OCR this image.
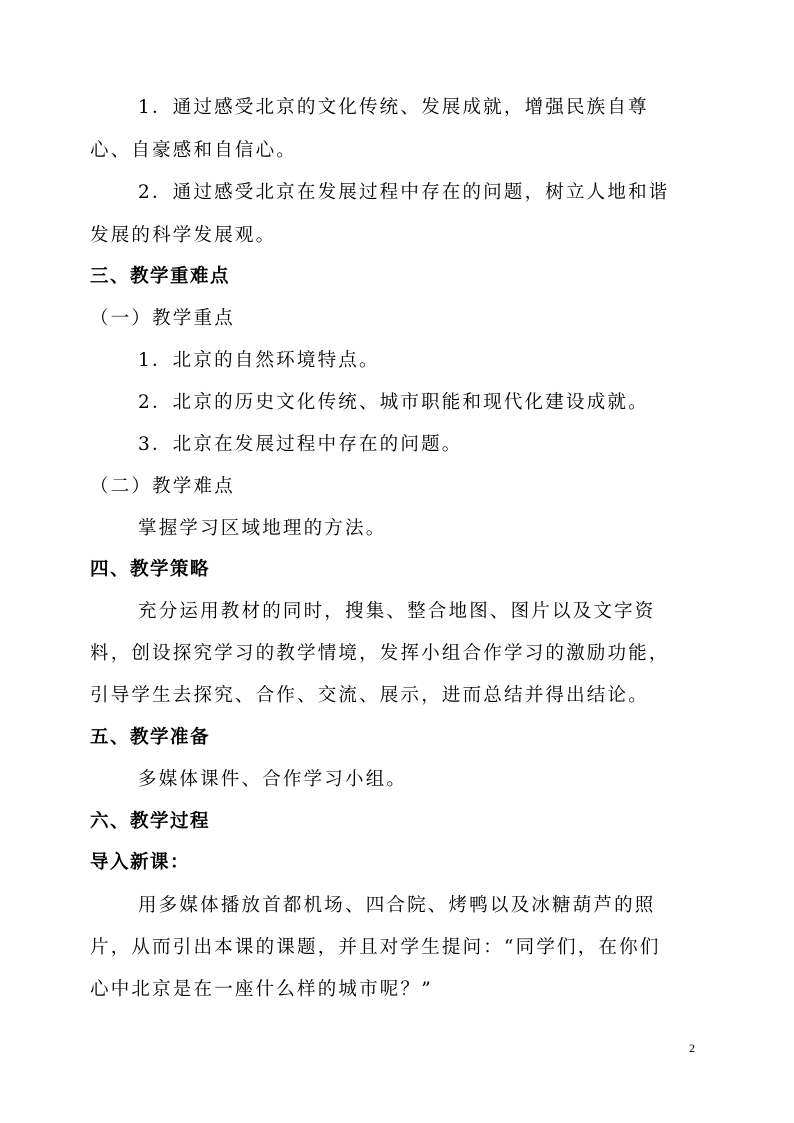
1．通过感受北京的文化传统、发展成就，增强民族自尊
心、自豪感和自信心。
2．通过感受北京在发展过程中存在的问题，树立人地和谐
发展的科学发展观。
三、教学重难点
（一）教学重点
1．北京的自然环境特点。
2．北京的历史文化传统、城市职能和现代化建设成就。
3．北京在发展过程中存在的问题。
（二）教学难点
掌握学习区域地理的方法。
四、教学策略
充分运用教材的同时，搜集、整合地图、图片以及文字资
料，创设探究学习的教学情境，发挥小组合作学习的激励功能，
引导学生去探究、合作、交流、展示，进而总结并得出结论。
五、教学准备
多媒体课件、合作学习小组。
六、教学过程
导入新课：
用多媒体播放首都机场、四合院、烤鸭以及冰糖葫芦的照
片，从而引出本课的课题，并且对学生提问：“同学们，在你们
心中北京是在一座什么样的城市呢？”
2
